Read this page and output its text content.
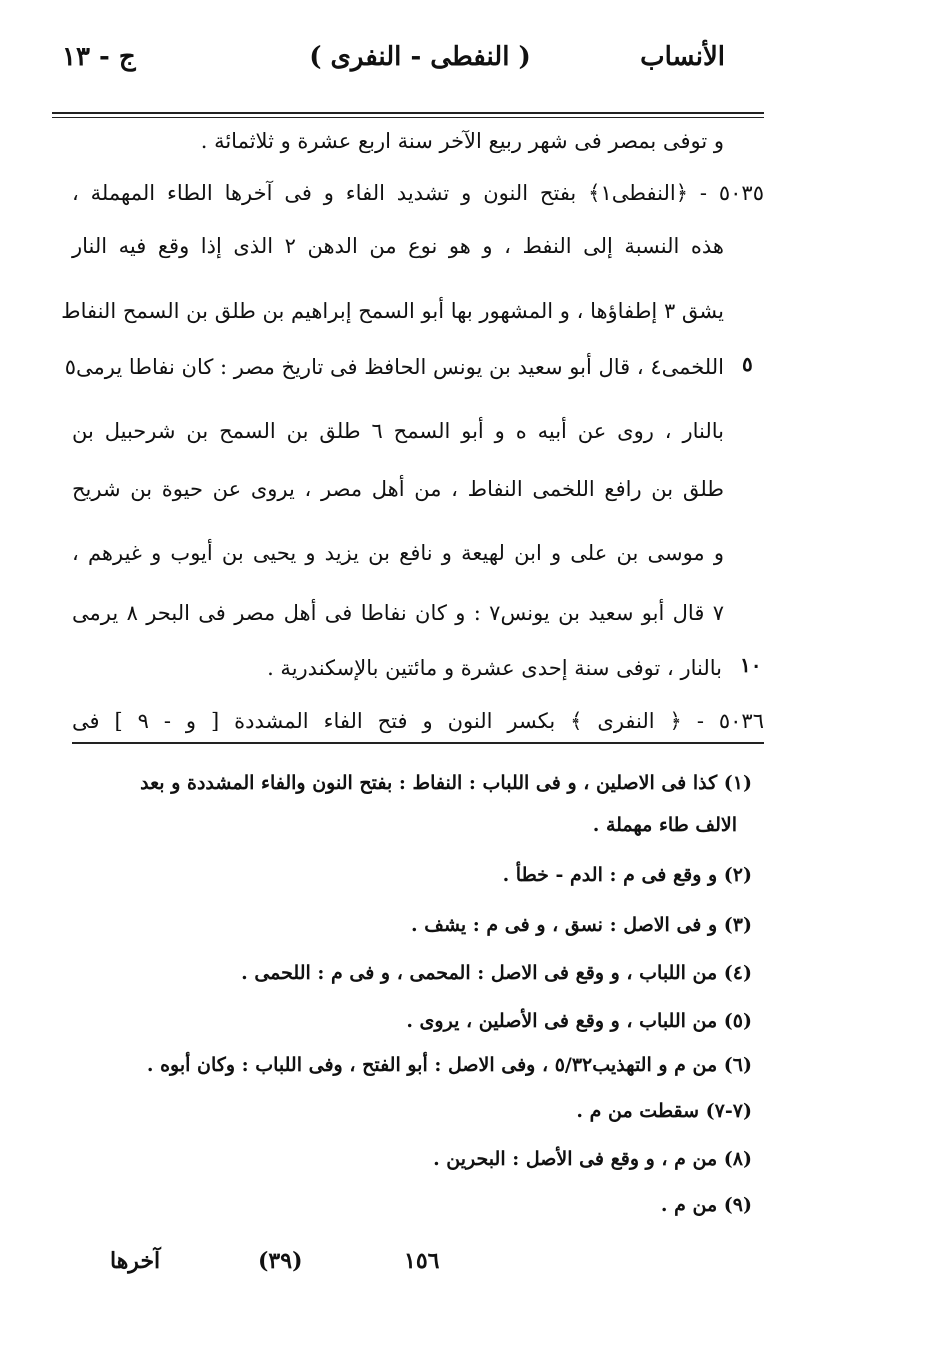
الأنساب
( النفطى - النفرى )
ج - ١٣
و توفى بمصر فى شهر ربيع الآخر سنة اربع عشرة و ثلاثمائة .
٥٠٣٥ - ﴿النفطى١﴾ بفتح النون و تشديد الفاء و فى آخرها الطاء المهملة ،
هذه النسبة إلى النفط ، و هو نوع من الدهن ٢ الذى إذا وقع فيه النار
يشق ٣ إطفاؤها ، و المشهور بها أبو السمح إبراهيم بن طلق بن السمح النفاط
اللخمى٤ ، قال أبو سعيد بن يونس الحافظ فى تاريخ مصر : كان نفاطا يرمى٥ ٥
بالنار ، روى عن أبيه ه و أبو السمح ٦ طلق بن السمح بن شرحبيل بن
طلق بن رافع اللخمى النفاط ، من أهل مصر ، يروى عن حيوة بن شريح
و موسى بن على و ابن لهيعة و نافع بن يزيد و يحيى بن أيوب و غيرهم ،
٧ قال أبو سعيد بن يونس٧ : و كان نفاطا فى أهل مصر فى البحر ٨ يرمى
بالنار ، توفى سنة إحدى عشرة و مائتين بالإسكندرية . ١٠
٥٠٣٦ - ﴿ النفرى ﴾ بكسر النون و فتح الفاء المشددة [ و - ٩ ] فى
(١) كذا فى الاصلين ، و فى اللباب : النفاط : بفتح النون والفاء المشددة و بعد
الالف طاء مهملة .
(٢) و وقع فى م : الدم - خطأ .
(٣) و فى الاصل : نسق ، و فى م : يشف .
(٤) من اللباب ، و وقع فى الاصل : المحمى ، و فى م : اللحمى .
(٥) من اللباب ، و وقع فى الأصلين ، يروى .
(٦) من م و التهذيب٥/٣٢ ، وفى الاصل : أبو الفتح ، وفى اللباب : وكان أبوه .
(٧-٧) سقطت من م .
(٨) من م ، و وقع فى الأصل : البحرين .
(٩) من م .
آخرها	(٣٩)	١٥٦
